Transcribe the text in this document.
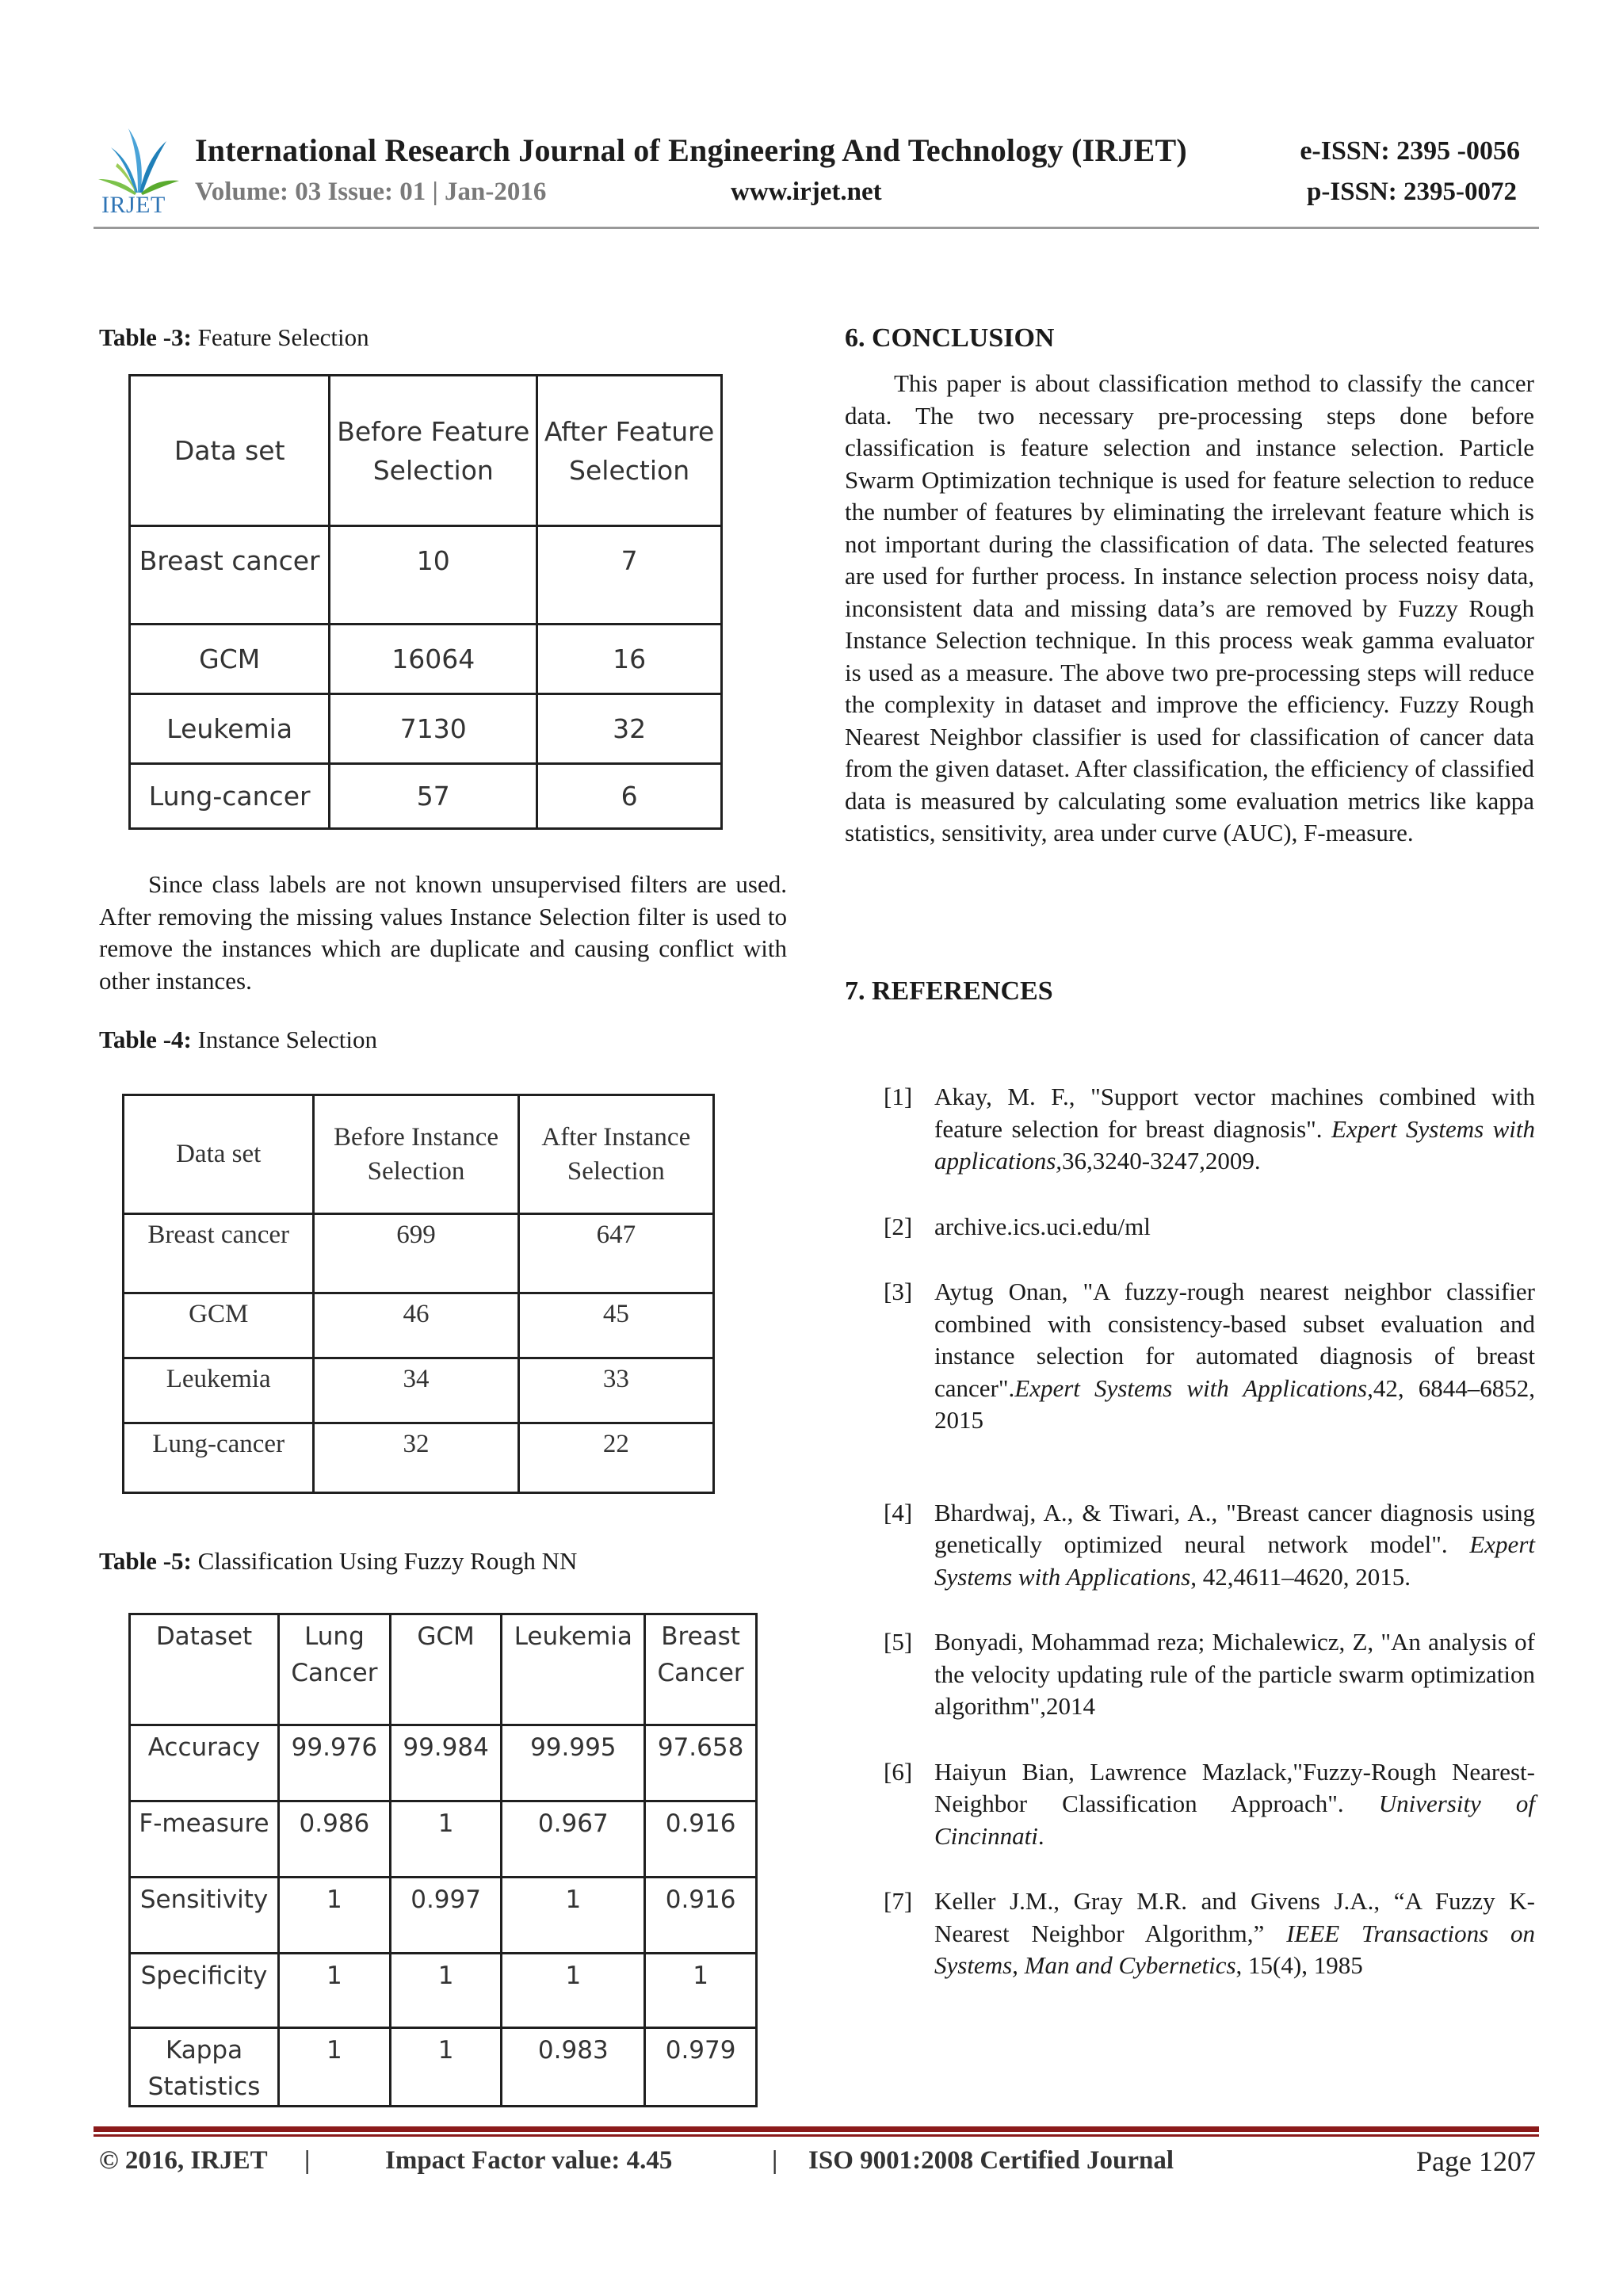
IRJET
International Research Journal of Engineering And Technology (IRJET)	e-ISSN: 2395 -0056
Volume: 03 Issue: 01 | Jan-2016	www.irjet.net	p-ISSN: 2395-0072
Table -3: Feature Selection
Data set	Before Feature Selection	After Feature Selection
Breast cancer	10	7
GCM	16064	16
Leukemia	7130	32
Lung-cancer	57	6

Since class labels are not known unsupervised filters are used. After removing the missing values Instance Selection filter is used to remove the instances which are duplicate and causing conflict with other instances.

Table -4: Instance Selection
Data set	Before Instance Selection	After Instance Selection
Breast cancer	699	647
GCM	46	45
Leukemia	34	33
Lung-cancer	32	22
Table -5: Classification Using Fuzzy Rough NN
Dataset	Lung Cancer	GCM	Leukemia	Breast Cancer
Accuracy	99.976	99.984	99.995	97.658
F-measure	0.986	1	0.967	0.916
Sensitivity	1	0.997	1	0.916
Specificity	1	1	1	1
Kappa Statistics	1	1	0.983	0.979
6. CONCLUSION

This paper is about classification method to classify the cancer data. The two necessary pre-processing steps done before classification is feature selection and instance selection. Particle Swarm Optimization technique is used for feature selection to reduce the number of features by eliminating the irrelevant feature which is not important during the classification of data. The selected features are used for further process. In instance selection process noisy data, inconsistent data and missing data’s are removed by Fuzzy Rough Instance Selection technique. In this process weak gamma evaluator is used as a measure. The above two pre-processing steps will reduce the complexity in dataset and improve the efficiency. Fuzzy Rough Nearest Neighbor classifier is used for classification of cancer data from the given dataset. After classification, the efficiency of classified data is measured by calculating some evaluation metrics like kappa statistics, sensitivity, area under curve (AUC), F-measure.

7. REFERENCES
[1] Akay, M. F., "Support vector machines combined with feature selection for breast diagnosis". Expert Systems with applications,36,3240-3247,2009.
[2] archive.ics.uci.edu/ml
[3] Aytug Onan, "A fuzzy-rough nearest neighbor classifier combined with consistency-based subset evaluation and instance selection for automated diagnosis of breast cancer".Expert Systems with Applications,42, 6844–6852, 2015
[4] Bhardwaj, A., & Tiwari, A., "Breast cancer diagnosis using genetically optimized neural network model". Expert Systems with Applications, 42,4611–4620, 2015.
[5] Bonyadi, Mohammad reza; Michalewicz, Z, "An analysis of the velocity updating rule of the particle swarm optimization algorithm",2014
[6] Haiyun Bian, Lawrence Mazlack,"Fuzzy-Rough Nearest-Neighbor Classification Approach". University of Cincinnati.
[7] Keller J.M., Gray M.R. and Givens J.A., “A Fuzzy K-Nearest Neighbor Algorithm,” IEEE Transactions on Systems, Man and Cybernetics, 15(4), 1985
© 2016, IRJET |	Impact Factor value: 4.45	| ISO 9001:2008 Certified Journal	Page 1207
